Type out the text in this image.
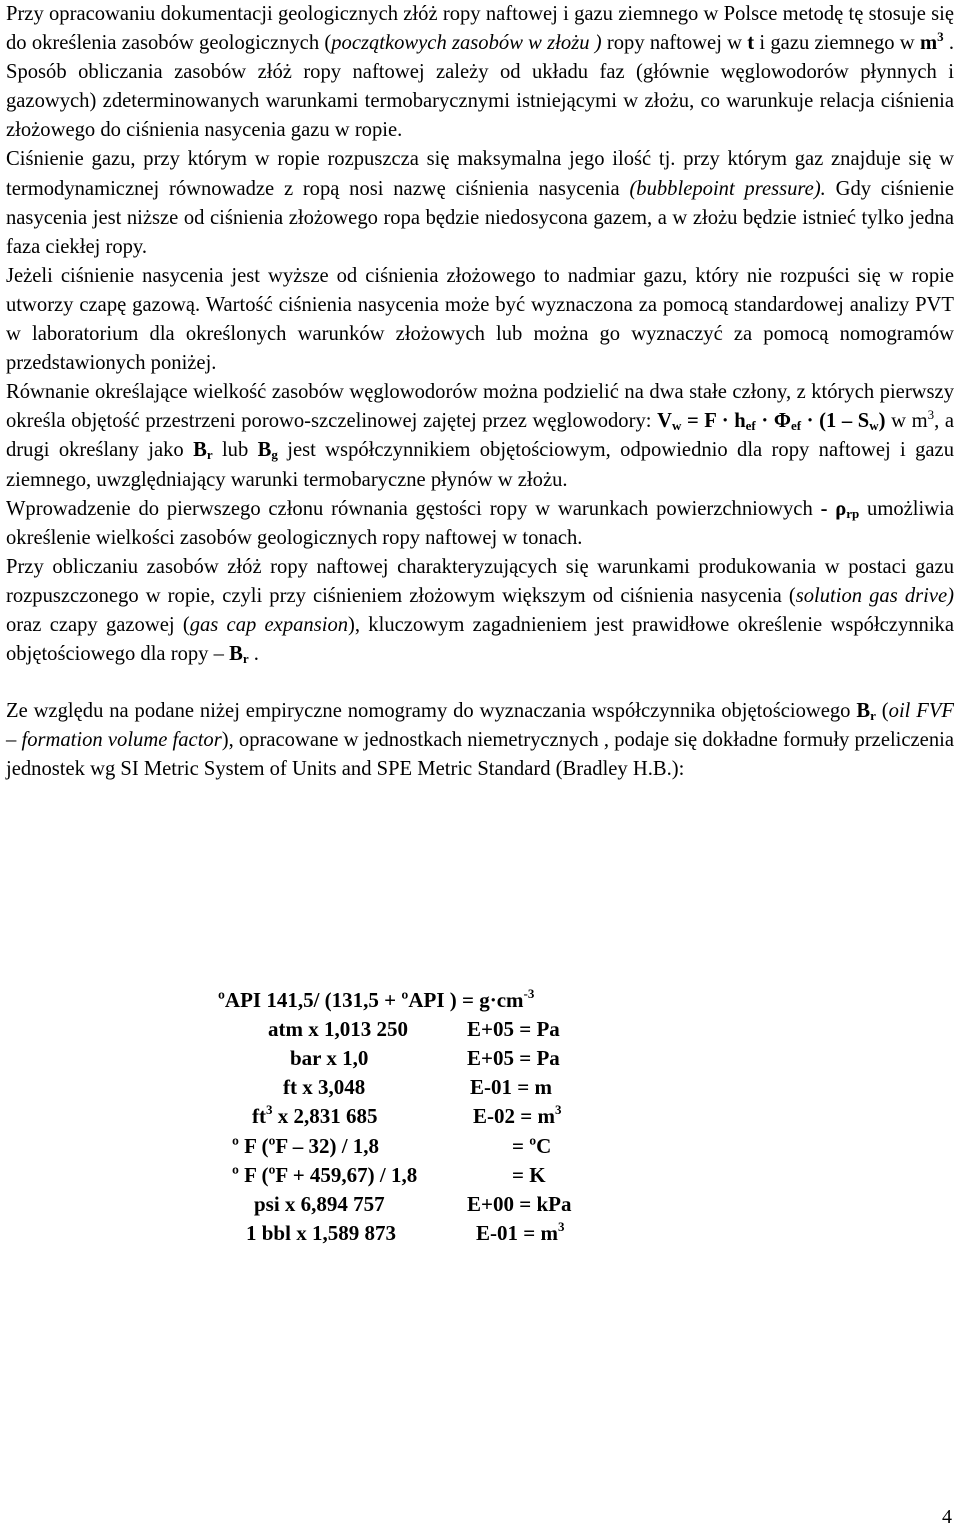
Przy opracowaniu dokumentacji geologicznych złóż ropy naftowej i gazu ziemnego w Polsce metodę tę stosuje się do określenia zasobów geologicznych (początkowych zasobów w złożu ) ropy naftowej w t i gazu ziemnego w $m^3$ . Sposób obliczania zasobów złóż ropy naftowej zależy od układu faz (głównie węglowodorów płynnych i gazowych) zdeterminowanych warunkami termobarycznymi istniejącymi w złożu, co warunkuje relacja ciśnienia złożowego do ciśnienia nasycenia gazu w ropie.

Ciśnienie gazu, przy którym w ropie rozpuszcza się maksymalna jego ilość tj. przy którym gaz znajduje się w termodynamicznej równowadze z ropą nosi nazwę ciśnienia nasycenia (bubblepoint pressure). Gdy ciśnienie nasycenia jest niższe od ciśnienia złożowego ropa będzie niedosycona gazem, a w złożu będzie istnieć tylko jedna faza ciekłej ropy.

Jeżeli ciśnienie nasycenia jest wyższe od ciśnienia złożowego to nadmiar gazu, który nie rozpuści się w ropie utworzy czapę gazową. Wartość ciśnienia nasycenia może być wyznaczona za pomocą standardowej analizy PVT w laboratorium dla określonych warunków złożowych lub można go wyznaczyć za pomocą nomogramów przedstawionych poniżej.

Równanie określające wielkość zasobów węglowodorów można podzielić na dwa stałe człony, z których pierwszy określa objętość przestrzeni porowo-szczelinowej zajętej przez węglowodory: $V_w = F \cdot h_{ef} \cdot \Phi_{ef} \cdot (1 - S_w)$ w $m^3$, a drugi określany jako $B_r$ lub $B_g$ jest współczynnikiem objętościowym, odpowiednio dla ropy naftowej i gazu ziemnego, uwzględniający warunki termobaryczne płynów w złożu.

Wprowadzenie do pierwszego członu równania gęstości ropy w warunkach powierzchniowych - $\rho_{rp}$ umożliwia określenie wielkości zasobów geologicznych ropy naftowej w tonach.

Przy obliczaniu zasobów złóż ropy naftowej charakteryzujących się warunkami produkowania w postaci gazu rozpuszczonego w ropie, czyli przy ciśnieniem złożowym większym od ciśnienia nasycenia (solution gas drive) oraz czapy gazowej (gas cap expansion), kluczowym zagadnieniem jest prawidłowe określenie współczynnika objętościowego dla ropy – $B_r$ .

Ze względu na podane niżej empiryczne nomogramy do wyznaczania współczynnika objętościowego $B_r$ (oil FVF – formation volume factor), opracowane w jednostkach niemetrycznych , podaje się dokładne formuły przeliczenia jednostek wg SI Metric System of Units and SPE Metric Standard (Bradley H.B.):

ºAPI 141,5/ (131,5 + ºAPI ) = $g\cdot cm^{-3}$
atm x 1,013 250	E+05 = Pa
bar x 1,0	E+05 = Pa
ft x 3,048	E-01 = m
$ft^3$ x 2,831 685	$E-02 = m^3$
º F (ºF – 32) / 1,8	= ºC
º F (ºF + 459,67) / 1,8	= K
psi x 6,894 757	E+00 = kPa
1 bbl x 1,589 873	$E-01 = m^3$
4
